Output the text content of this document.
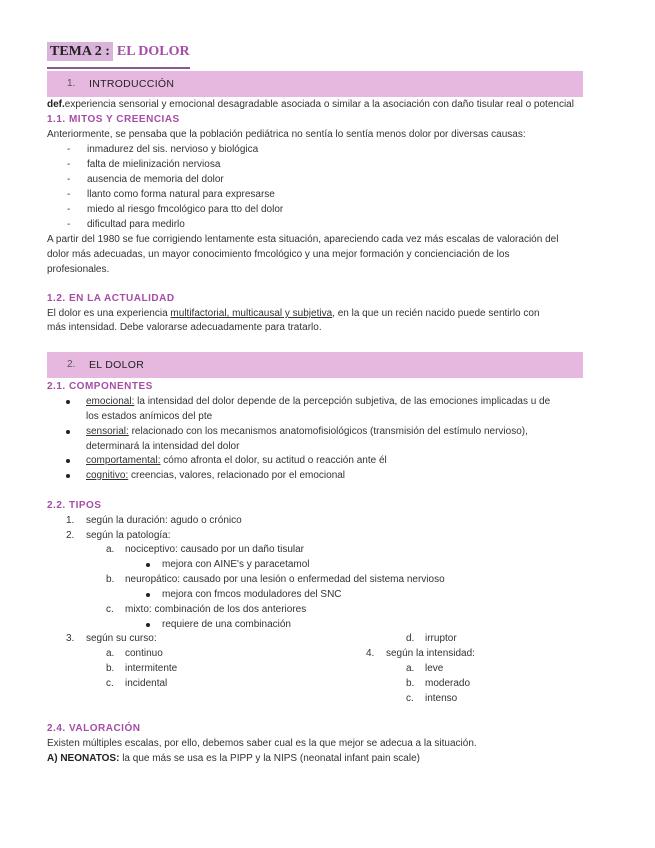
TEMA 2 : EL DOLOR
1. INTRODUCCIÓN
def.experiencia sensorial y emocional desagradable asociada o similar a la asociación con daño tisular real o potencial
1.1. MITOS Y CREENCIAS
Anteriormente, se pensaba que la población pediátrica no sentía lo sentía menos dolor por diversas causas:
- inmadurez del sis. nervioso y biológica
- falta de mielinización nerviosa
- ausencia de memoria del dolor
- llanto como forma natural para expresarse
- miedo al riesgo fmcológico para tto del dolor
- dificultad para medirlo
A partir del 1980 se fue corrigiendo lentamente esta situación, apareciendo cada vez más escalas de valoración del
dolor más adecuadas, un mayor conocimiento fmcológico y una mejor formación y concienciación de los
profesionales.
1.2. EN LA ACTUALIDAD
El dolor es una experiencia multifactorial, multicausal y subjetiva, en la que un recién nacido puede sentirlo con
más intensidad. Debe valorarse adecuadamente para tratarlo.
2. EL DOLOR
2.1. COMPONENTES
emocional: la intensidad del dolor depende de la percepción subjetiva, de las emociones implicadas u de
los estados anímicos del pte
sensorial: relacionado con los mecanismos anatomofisiológicos (transmisión del estímulo nervioso),
determinará la intensidad del dolor
comportamental: cómo afronta el dolor, su actitud o reacción ante él
cognitivo: creencias, valores, relacionado por el emocional
2.2. TIPOS
1. según la duración: agudo o crónico
2. según la patología:
a. nociceptivo: causado por un daño tisular
mejora con AINE's y paracetamol
b. neuropático: causado por una lesión o enfermedad del sistema nervioso
mejora con fmcos moduladores del SNC
c. mixto: combinación de los dos anteriores
requiere de una combinación
3. según su curso:
a. continuo
b. intermitente
c. incidental
d. irruptor
4. según la intensidad:
a. leve
b. moderado
c. intenso
2.4. VALORACIÓN
Existen múltiples escalas, por ello, debemos saber cual es la que mejor se adecua a la situación.
A) NEONATOS: la que más se usa es la PIPP y la NIPS (neonatal infant pain scale)
